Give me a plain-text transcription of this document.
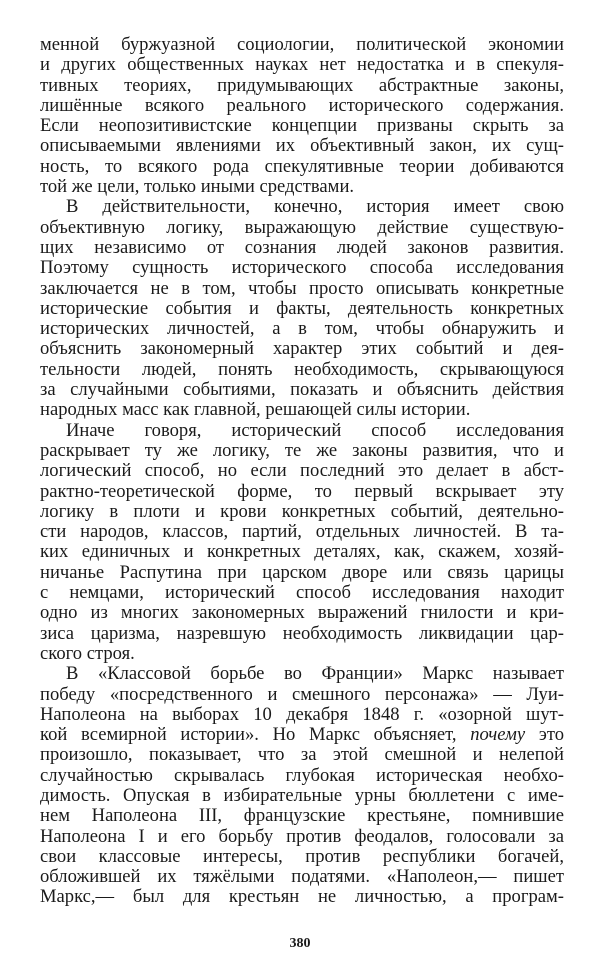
менной буржуазной социологии, политической экономии
и других общественных науках нет недостатка и в спекуля-
тивных теориях, придумывающих абстрактные законы,
лишённые всякого реального исторического содержания.
Если неопозитивистские концепции призваны скрыть за
описываемыми явлениями их объективный закон, их сущ-
ность, то всякого рода спекулятивные теории добиваются
той же цели, только иными средствами.
В действительности, конечно, история имеет свою
объективную логику, выражающую действие существую-
щих независимо от сознания людей законов развития.
Поэтому сущность исторического способа исследования
заключается не в том, чтобы просто описывать конкретные
исторические события и факты, деятельность конкретных
исторических личностей, а в том, чтобы обнаружить и
объяснить закономерный характер этих событий и дея-
тельности людей, понять необходимость, скрывающуюся
за случайными событиями, показать и объяснить действия
народных масс как главной, решающей силы истории.
Иначе говоря, исторический способ исследования
раскрывает ту же логику, те же законы развития, что и
логический способ, но если последний это делает в абст-
рактно-теоретической форме, то первый вскрывает эту
логику в плоти и крови конкретных событий, деятельно-
сти народов, классов, партий, отдельных личностей. В та-
ких единичных и конкретных деталях, как, скажем, хозяй-
ничанье Распутина при царском дворе или связь царицы
с немцами, исторический способ исследования находит
одно из многих закономерных выражений гнилости и кри-
зиса царизма, назревшую необходимость ликвидации цар-
ского строя.
В «Классовой борьбе во Франции» Маркс называет
победу «посредственного и смешного персонажа» — Луи-
Наполеона на выборах 10 декабря 1848 г. «озорной шут-
кой всемирной истории». Но Маркс объясняет, почему это
произошло, показывает, что за этой смешной и нелепой
случайностью скрывалась глубокая историческая необхо-
димость. Опуская в избирательные урны бюллетени с име-
нем Наполеона III, французские крестьяне, помнившие
Наполеона I и его борьбу против феодалов, голосовали за
свои классовые интересы, против республики богачей,
обложившей их тяжёлыми податями. «Наполеон,— пишет
Маркс,— был для крестьян не личностью, а програм-
380
